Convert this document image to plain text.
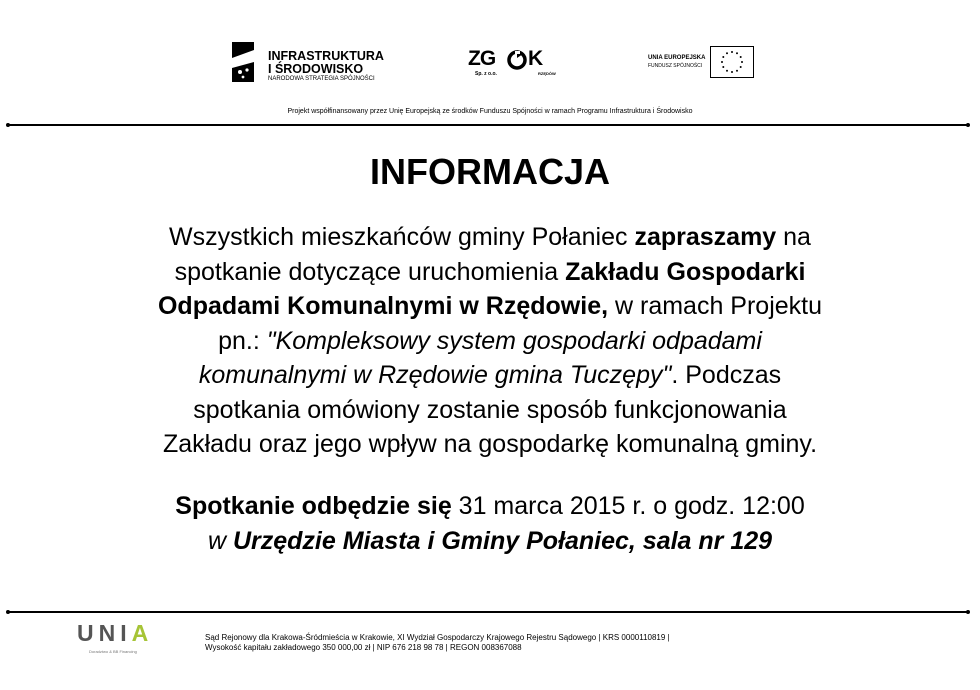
INFRASTRUKTURA
I ŚRODOWISKO
NARODOWA STRATEGIA SPÓJNOŚCI
ZG K
Sp. z o.o.	RZĘDÓW
UNIA EUROPEJSKA
FUNDUSZ SPÓJNOŚCI
Projekt współfinansowany przez Unię Europejską ze środków Funduszu Spójności w ramach Programu Infrastruktura i Środowisko
INFORMACJA
Wszystkich mieszkańców gminy Połaniec zapraszamy na
spotkanie dotyczące uruchomienia Zakładu Gospodarki
Odpadami Komunalnymi w Rzędowie, w ramach Projektu
pn.: "Kompleksowy system gospodarki odpadami
komunalnymi w Rzędowie gmina Tuczępy". Podczas
spotkania omówiony zostanie sposób funkcjonowania
Zakładu oraz jego wpływ na gospodarkę komunalną gminy.
Spotkanie odbędzie się 31 marca 2015 r. o godz. 12:00
w Urzędzie Miasta i Gminy Połaniec, sala nr 129
UNIA
Doradztwo & BB Financing
Sąd Rejonowy dla Krakowa-Śródmieścia w Krakowie, XI Wydział Gospodarczy Krajowego Rejestru Sądowego | KRS 0000110819 |
Wysokość kapitału zakładowego 350 000,00 zł | NIP 676 218 98 78 | REGON 008367088
